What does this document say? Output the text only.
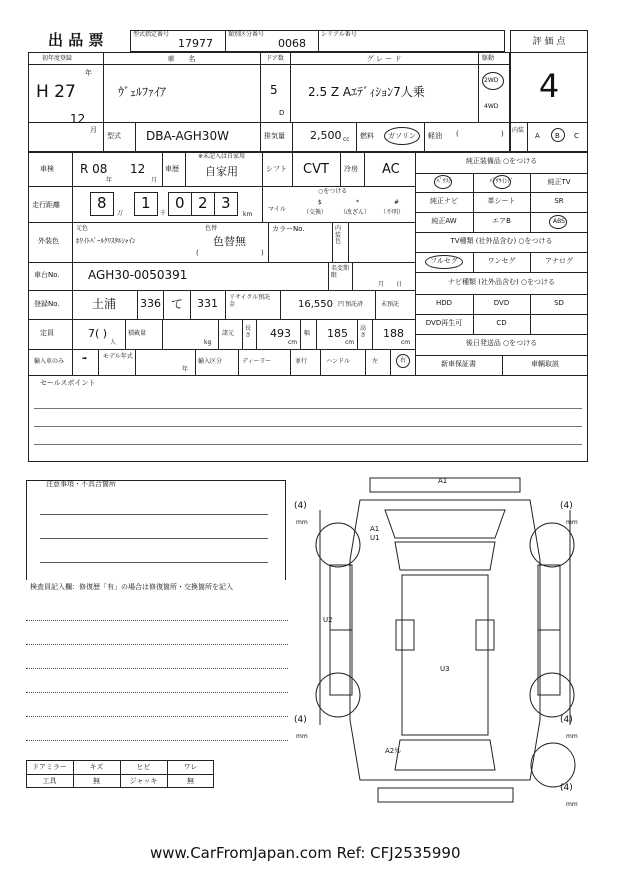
出 品 票	型式指定番号
17977
類別区分番号
0068
シリアル番号
評 価 点
4
初年度登録
年
H 27
12
月
車　　名
ｳﾞｪﾙﾌｧｲｱ
ドア数
5
D
グ レ ー ド
2.5 Z Aｴﾃﾞｨｼｮﾝ7人乗
駆動
2WD
4WD
型式 DBA-AGH30W	排気量 2,500 cc 燃料 ガソリン 軽油 (	) 内装
A B C
車検 R 08
年
12
月
車歴
※未記入は自家用
自家用	シフト CVT 冷房 AC
走行距離 8
万
1
千
0 2 3
km
○をつける
マイル
$	*	#
（交換） （改ざん） （不明）
外装色
元色
ﾎﾜｲﾄﾊﾟｰﾙｸﾘｽﾀﾙｼｬｲﾝ
色替
色替無
(	)
カラーNo.	内装色
車台No. AGH30-0050391	名変期限
月　　日
登録No.	土浦 336 て 331 リサイクル預託金	16,550 円 預託済	未預託
定員	7( )
人
積載量
kg
諸元
長さ 493
cm
幅 185
cm
高さ 188
cm
輸入車のみ	➡	モデル年式
年
輸入区分	ディーラー	並行	ハンドル	左	右
純正装備品 ○をつける
ﾊﾟﾜｽﾃ	ﾊﾟﾜｳｲﾝﾄﾞ	純正TV
純正ナビ	革シート	SR
純正AW	エアB	ABS
TV種類 (社外品含む) ○をつける
フルセグ	ワンセグ	アナログ
ナビ種類 (社外品含む) ○をつける
HDD	DVD	SD
DVD再生可	CD
後日発送品 ○をつける
新車保証書	車輌取説
セールスポイント
注意事項・不具合箇所
検査員記入欄：修復歴「有」の場合は修復箇所・交換箇所を記入
A1
A1
U1
U2
U3
A2ｸﾚ
(4)
mm
(4)
mm
(4)
mm
(4)
mm
(4)
mm
ドアミラー	キズ	ヒビ	ワレ
工具	無	ジャッキ	無
www.CarFromJapan.com Ref: CFJ2535990
